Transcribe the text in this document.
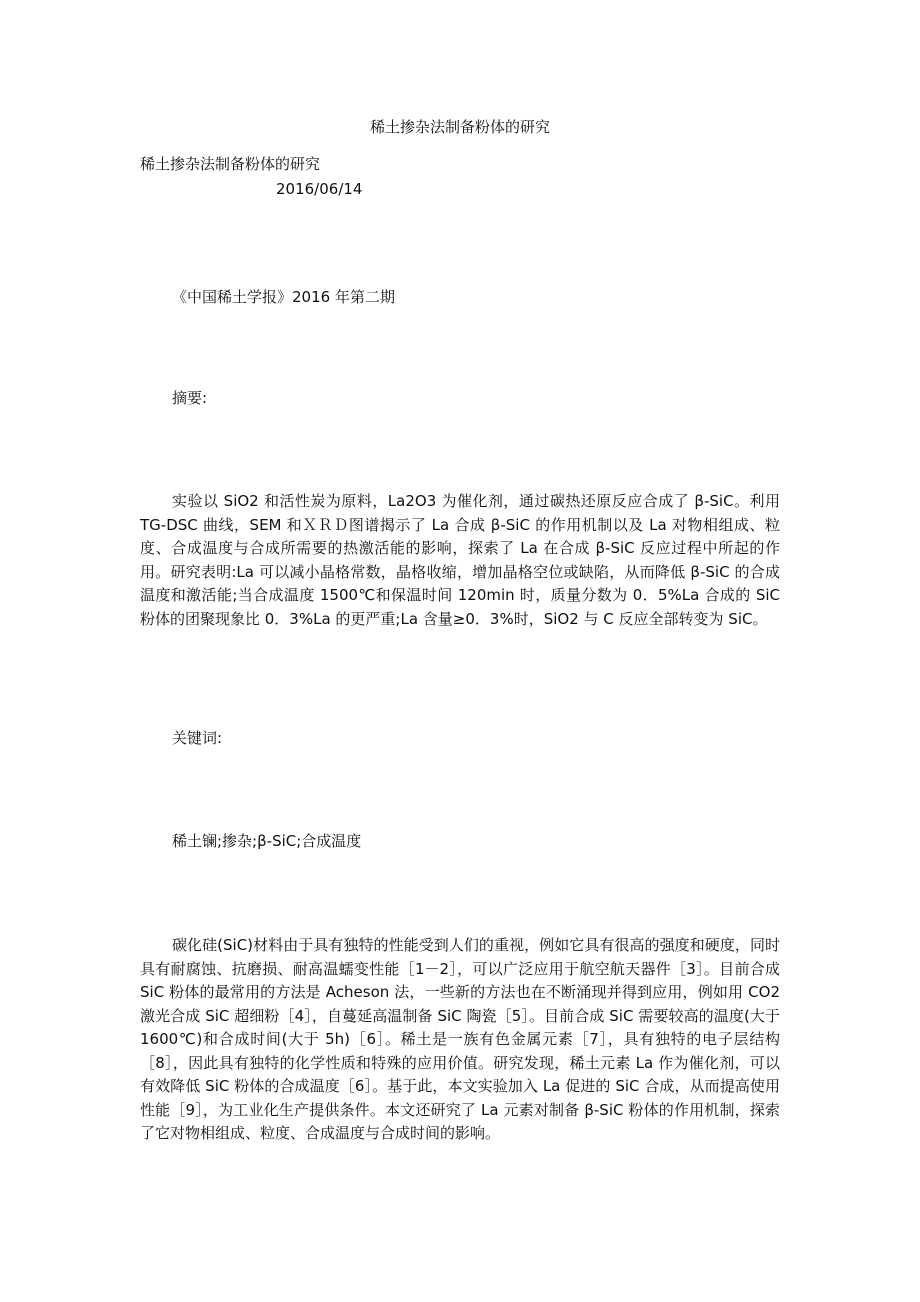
稀土掺杂法制备粉体的研究

稀土掺杂法制备粉体的研究

2016/06/14

《中国稀土学报》2016 年第二期

摘要:

实验以 SiO2 和活性炭为原料，La2O3 为催化剂，通过碳热还原反应合成了 β-SiC。利用 TG-DSC 曲线，SEM 和ＸＲＤ图谱揭示了 La 合成 β-SiC 的作用机制以及 La 对物相组成、粒度、合成温度与合成所需要的热激活能的影响，探索了 La 在合成 β-SiC 反应过程中所起的作用。研究表明:La 可以减小晶格常数，晶格收缩，增加晶格空位或缺陷，从而降低 β-SiC 的合成温度和激活能;当合成温度 1500℃和保温时间 120min 时，质量分数为 0．5%La 合成的 SiC 粉体的团聚现象比 0．3%La 的更严重;La 含量≥0．3%时，SiO2 与 C 反应全部转变为 SiC。

关键词:

稀土镧;掺杂;β-SiC;合成温度

碳化硅(SiC)材料由于具有独特的性能受到人们的重视，例如它具有很高的强度和硬度，同时具有耐腐蚀、抗磨损、耐高温蠕变性能［1－2］，可以广泛应用于航空航天器件［3］。目前合成 SiC 粉体的最常用的方法是 Acheson 法，一些新的方法也在不断涌现并得到应用，例如用 CO2 激光合成 SiC 超细粉［4］，自蔓延高温制备 SiC 陶瓷［5］。目前合成 SiC 需要较高的温度(大于 1600℃)和合成时间(大于 5h)［6］。稀土是一族有色金属元素［7］，具有独特的电子层结构［8］，因此具有独特的化学性质和特殊的应用价值。研究发现，稀土元素 La 作为催化剂，可以有效降低 SiC 粉体的合成温度［6］。基于此，本文实验加入 La 促进的 SiC 合成，从而提高使用性能［9］，为工业化生产提供条件。本文还研究了 La 元素对制备 β-SiC 粉体的作用机制，探索了它对物相组成、粒度、合成温度与合成时间的影响。
